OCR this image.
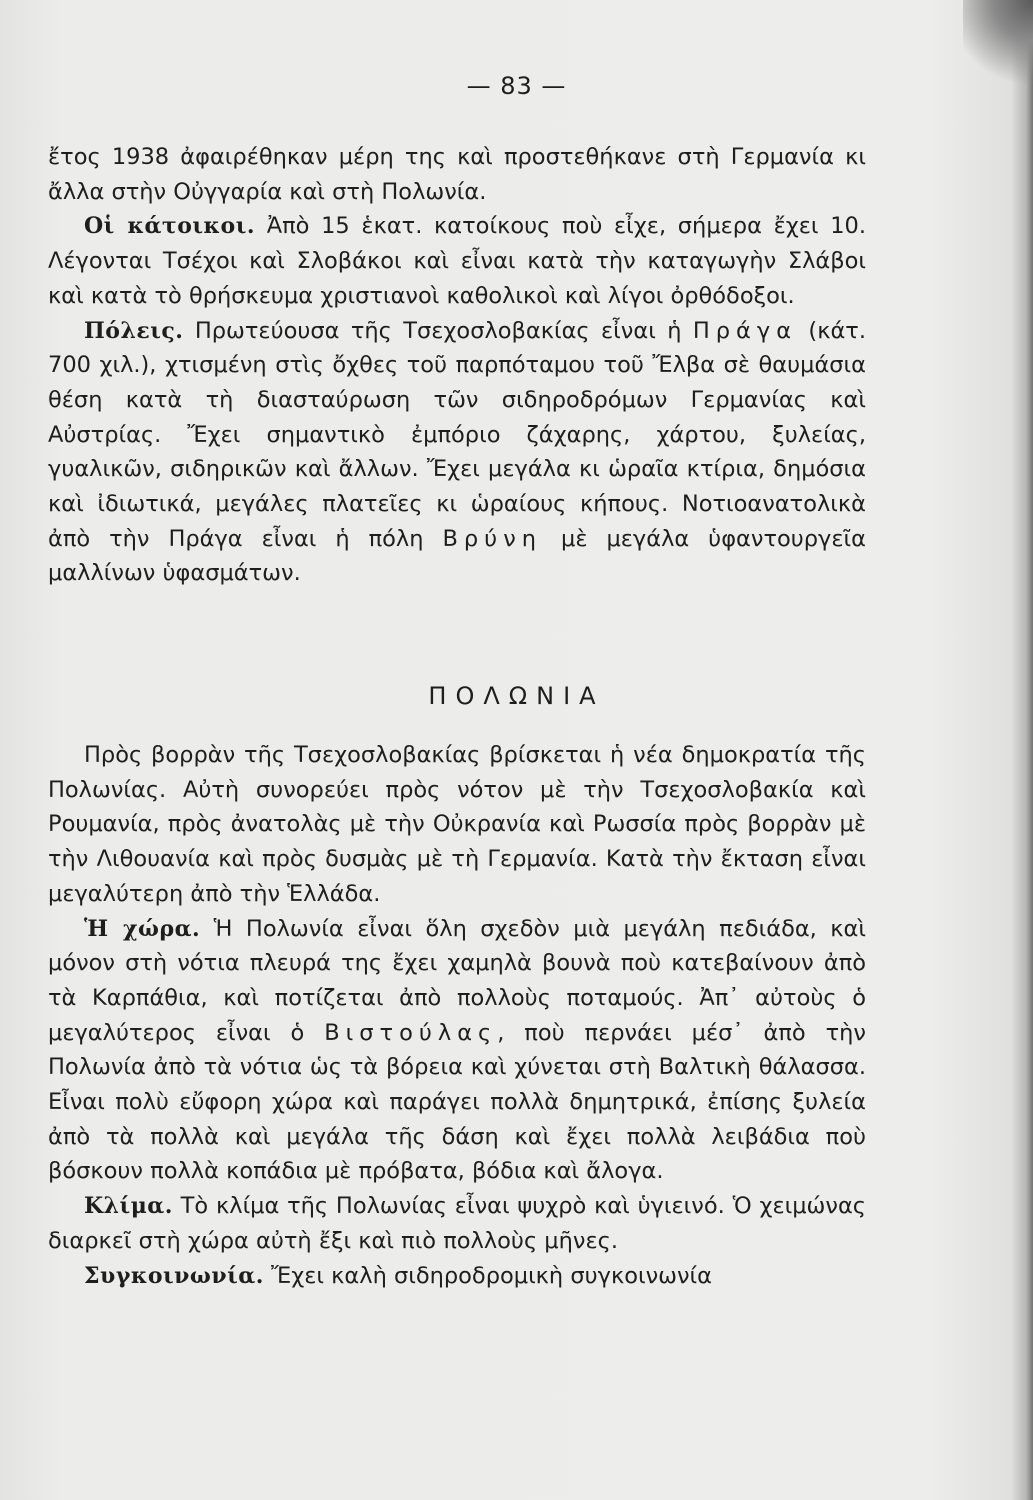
— 83 —

ἔτος 1938 ἀφαιρέθηκαν μέρη της καὶ προστεθήκανε στὴ Γερμανία κι ἄλλα στὴν Οὐγγαρία καὶ στὴ Πολωνία.

Οἱ κάτοικοι. Ἀπὸ 15 ἑκατ. κατοίκους ποὺ εἶχε, σήμερα ἔχει 10. Λέγονται Τσέχοι καὶ Σλοβάκοι καὶ εἶναι κατὰ τὴν καταγωγὴν Σλάβοι καὶ κατὰ τὸ θρήσκευμα χριστιανοὶ καθολικοὶ καὶ λίγοι ὀρθόδοξοι.

Πόλεις. Πρωτεύουσα τῆς Τσεχοσλοβακίας εἶναι ἡ Πράγα (κάτ. 700 χιλ.), χτισμένη στὶς ὄχθες τοῦ παρπόταμου τοῦ Ἔλβα σὲ θαυμάσια θέση κατὰ τὴ διασταύρωση τῶν σιδηροδρόμων Γερμανίας καὶ Αὐστρίας. Ἔχει σημαντικὸ ἐμπόριο ζάχαρης, χάρτου, ξυλείας, γυαλικῶν, σιδηρικῶν καὶ ἄλλων. Ἔχει μεγάλα κι ὡραῖα κτίρια, δημόσια καὶ ἰδιωτικά, μεγάλες πλατεῖες κι ὡραίους κήπους. Νοτιοανατολικὰ ἀπὸ τὴν Πράγα εἶναι ἡ πόλη Βρύνη μὲ μεγάλα ὑφαντουργεῖα μαλλίνων ὑφασμάτων.

ΠΟΛΩΝΙΑ

Πρὸς βορρὰν τῆς Τσεχοσλοβακίας βρίσκεται ἡ νέα δημοκρατία τῆς Πολωνίας. Αὐτὴ συνορεύει πρὸς νότον μὲ τὴν Τσεχοσλοβακία καὶ Ρουμανία, πρὸς ἀνατολὰς μὲ τὴν Οὐκρανία καὶ Ρωσσία πρὸς βορρὰν μὲ τὴν Λιθουανία καὶ πρὸς δυσμὰς μὲ τὴ Γερμανία. Κατὰ τὴν ἔκταση εἶναι μεγαλύτερη ἀπὸ τὴν Ἑλλάδα.

Ἡ χώρα. Ἡ Πολωνία εἶναι ὅλη σχεδὸν μιὰ μεγάλη πεδιάδα, καὶ μόνον στὴ νότια πλευρά της ἔχει χαμηλὰ βουνὰ ποὺ κατεβαίνουν ἀπὸ τὰ Καρπάθια, καὶ ποτίζεται ἀπὸ πολλοὺς ποταμούς. Ἀπ᾽ αὐτοὺς ὁ μεγαλύτερος εἶναι ὁ Βιστούλας, ποὺ περνάει μέσ᾽ ἀπὸ τὴν Πολωνία ἀπὸ τὰ νότια ὡς τὰ βόρεια καὶ χύνεται στὴ Βαλτικὴ θάλασσα. Εἶναι πολὺ εὔφορη χώρα καὶ παράγει πολλὰ δημητρικά, ἐπίσης ξυλεία ἀπὸ τὰ πολλὰ καὶ μεγάλα τῆς δάση καὶ ἔχει πολλὰ λειβάδια ποὺ βόσκουν πολλὰ κοπάδια μὲ πρόβατα, βόδια καὶ ἄλογα.

Κλίμα. Τὸ κλίμα τῆς Πολωνίας εἶναι ψυχρὸ καὶ ὑγιεινό. Ὁ χειμώνας διαρκεῖ στὴ χώρα αὐτὴ ἔξι καὶ πιὸ πολλοὺς μῆνες.

Συγκοινωνία. Ἔχει καλὴ σιδηροδρομικὴ συγκοινωνία
